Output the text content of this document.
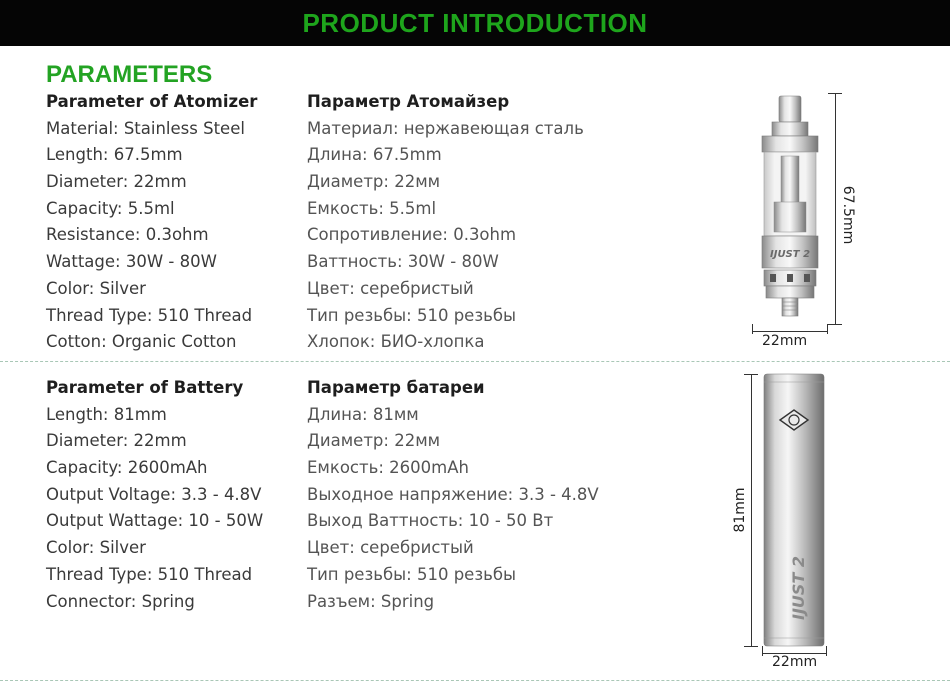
PRODUCT INTRODUCTION
PARAMETERS
Parameter of Atomizer
Material: Stainless Steel
Length: 67.5mm
Diameter: 22mm
Capacity: 5.5ml
Resistance: 0.3ohm
Wattage: 30W - 80W
Color: Silver
Thread Type: 510 Thread
Cotton: Organic Cotton
Параметр Атомайзер
Материал: нержавеющая сталь
Длина: 67.5mm
Диаметр: 22мм
Емкость: 5.5ml
Сопротивление: 0.3ohm
Ваттность: 30W - 80W
Цвет: серебристый
Тип резьбы: 510 резьбы
Хлопок: БИО-хлопка
IJUST 2
67.5mm
22mm
Parameter of Battery
Length: 81mm
Diameter: 22mm
Capacity: 2600mAh
Output Voltage: 3.3 - 4.8V
Output Wattage: 10 - 50W
Color: Silver
Thread Type: 510 Thread
Connector: Spring
Параметр батареи
Длина: 81мм
Диаметр: 22мм
Емкость: 2600mAh
Выходное напряжение: 3.3 - 4.8V
Выход Ваттность: 10 - 50 Вт
Цвет: серебристый
Тип резьбы: 510 резьбы
Разъем: Spring	IJUST 2
81mm
22mm
